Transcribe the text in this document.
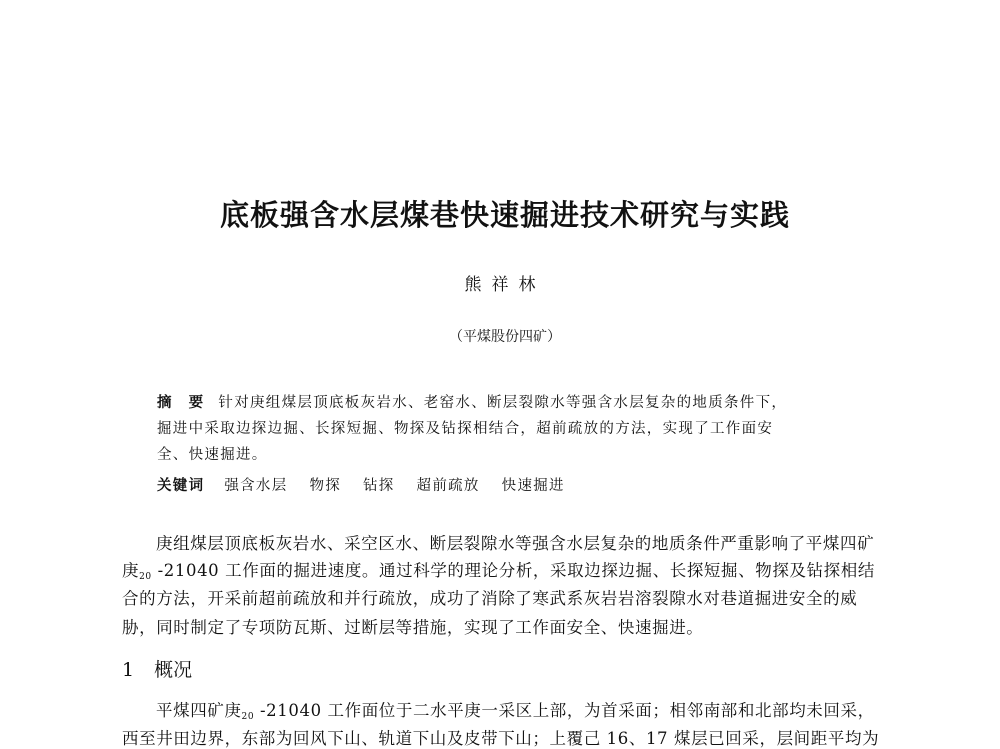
底板强含水层煤巷快速掘进技术研究与实践
熊祥林
（平煤股份四矿）
摘　要 针对庚组煤层顶底板灰岩水、老窑水、断层裂隙水等强含水层复杂的地质条件下，
掘进中采取边探边掘、长探短掘、物探及钻探相结合，超前疏放的方法，实现了工作面安
全、快速掘进。
关键词 强含水层 物探 钻探 超前疏放 快速掘进
庚组煤层顶底板灰岩水、采空区水、断层裂隙水等强含水层复杂的地质条件严重影响了平煤四矿
庚$_{20}$ -21040 工作面的掘进速度。通过科学的理论分析，采取边探边掘、长探短掘、物探及钻探相结
合的方法，开采前超前疏放和并行疏放，成功了消除了寒武系灰岩岩溶裂隙水对巷道掘进安全的威
胁，同时制定了专项防瓦斯、过断层等措施，实现了工作面安全、快速掘进。
1 概况
平煤四矿庚$_{20}$ -21040 工作面位于二水平庚一采区上部，为首采面；相邻南部和北部均未回采，
西至井田边界，东部为回风下山、轨道下山及皮带下山；上覆己 16、17 煤层已回采，层间距平均为
